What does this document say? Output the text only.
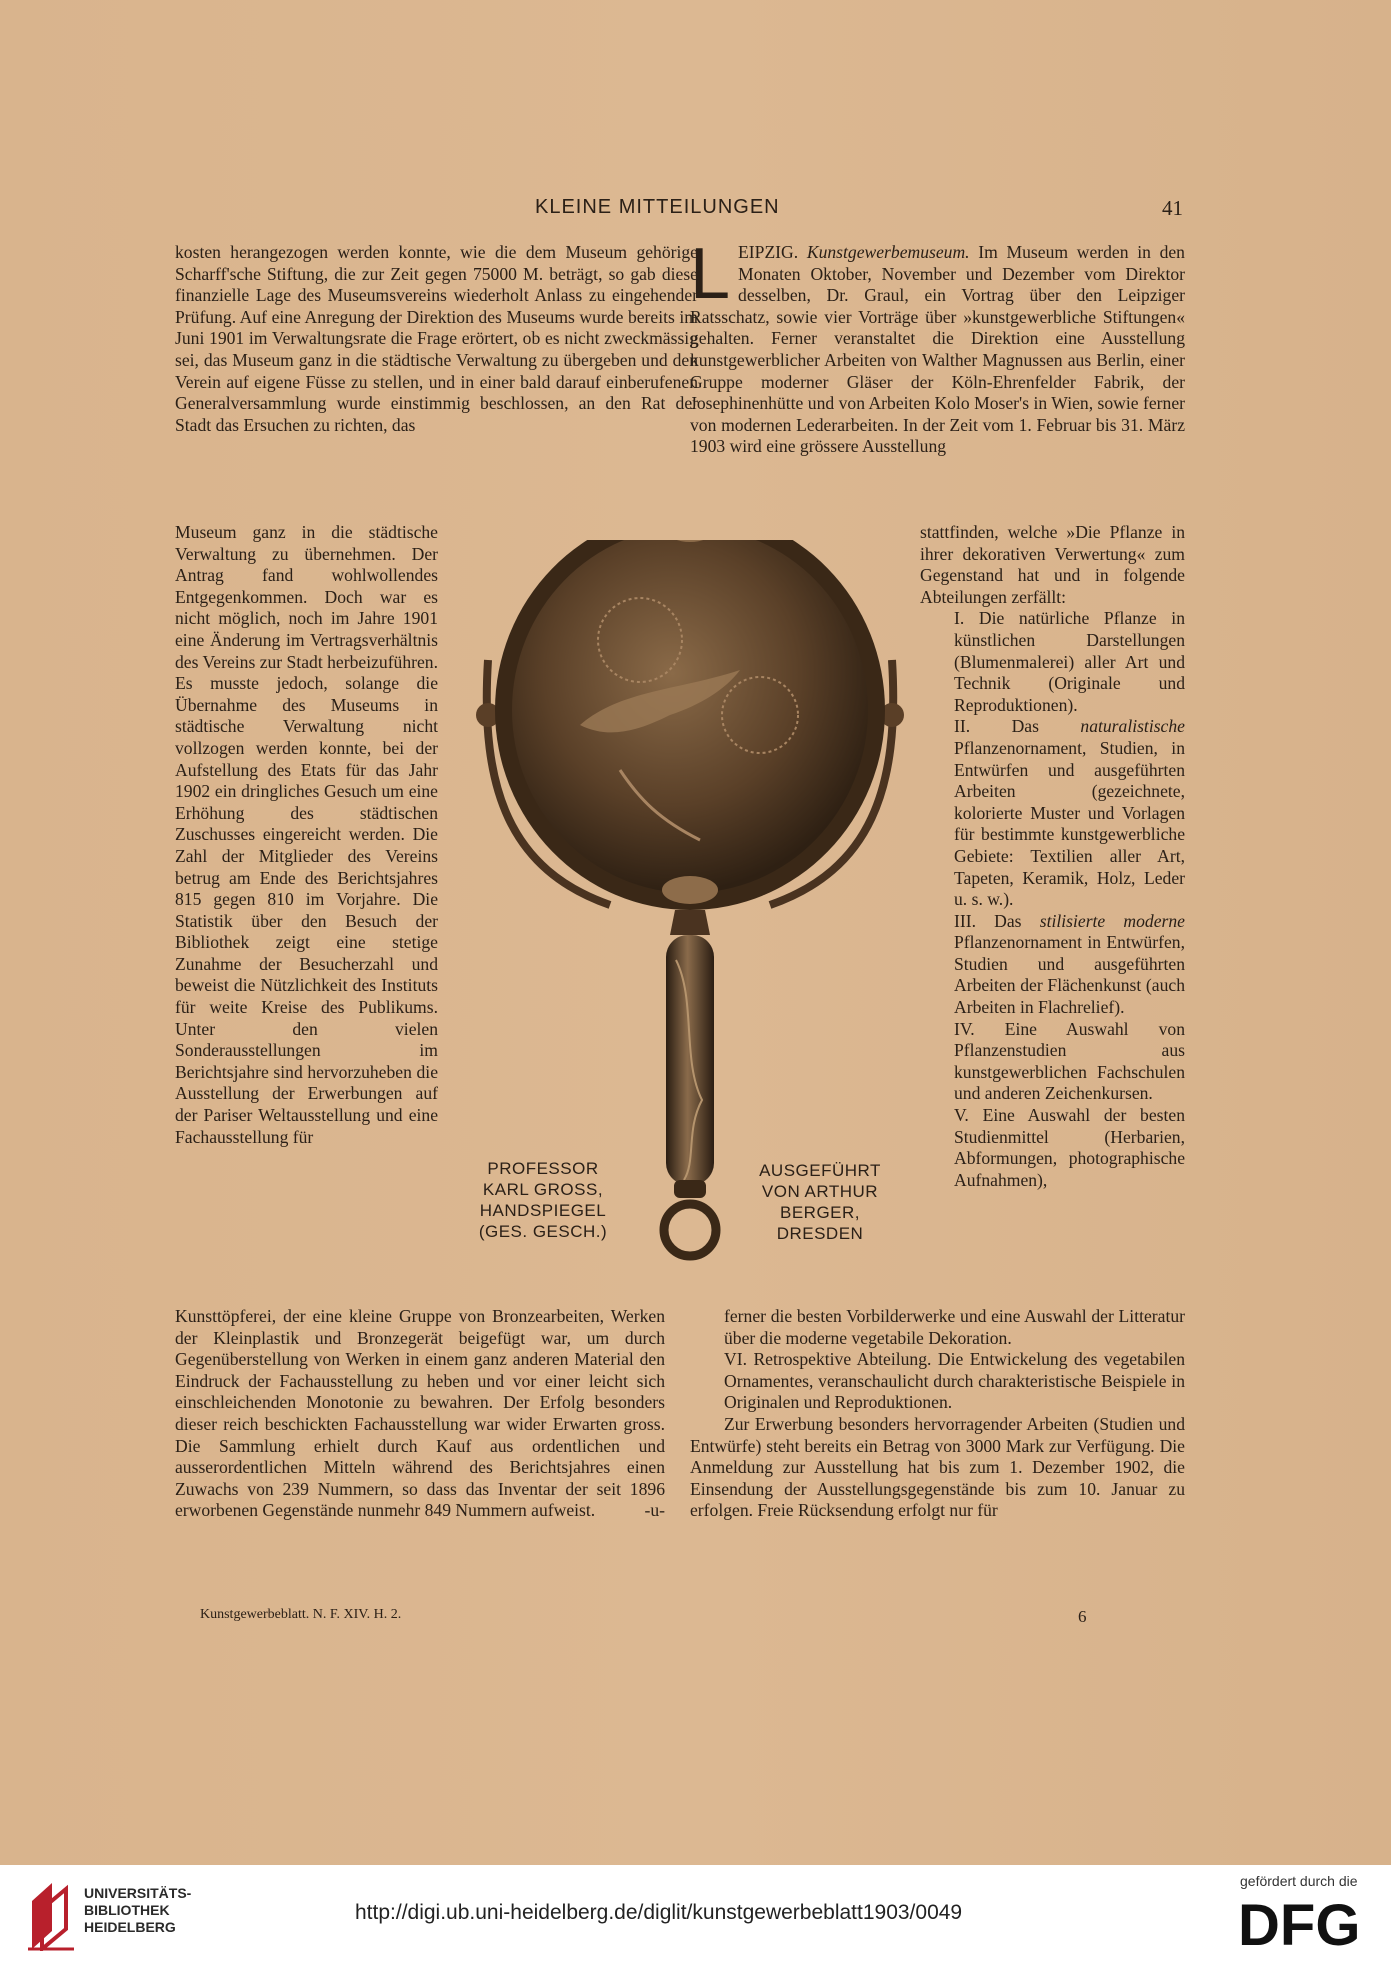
KLEINE MITTEILUNGEN	41

kosten herangezogen werden konnte, wie die dem Museum gehörige Scharff'sche Stiftung, die zur Zeit gegen 75000 M. beträgt, so gab diese finanzielle Lage des Museumsvereins wiederholt Anlass zu eingehender Prüfung. Auf eine Anregung der Direktion des Museums wurde bereits im Juni 1901 im Verwaltungsrate die Frage erörtert, ob es nicht zweckmässig sei, das Museum ganz in die städtische Verwaltung zu übergeben und den Verein auf eigene Füsse zu stellen, und in einer bald darauf einberufenen Generalversammlung wurde einstimmig beschlossen, an den Rat der Stadt das Ersuchen zu richten, das

Museum ganz in die städtische Verwaltung zu übernehmen. Der Antrag fand wohlwollendes Entgegenkommen. Doch war es nicht möglich, noch im Jahre 1901 eine Änderung im Vertragsverhältnis des Vereins zur Stadt herbeizuführen. Es musste jedoch, solange die Übernahme des Museums in städtische Verwaltung nicht vollzogen werden konnte, bei der Aufstellung des Etats für das Jahr 1902 ein dringliches Gesuch um eine Erhöhung des städtischen Zuschusses eingereicht werden. Die Zahl der Mitglieder des Vereins betrug am Ende des Berichtsjahres 815 gegen 810 im Vorjahre. Die Statistik über den Besuch der Bibliothek zeigt eine stetige Zunahme der Besucherzahl und beweist die Nützlichkeit des Instituts für weite Kreise des Publikums. Unter den vielen Sonderausstellungen im Berichtsjahre sind hervorzuheben die Ausstellung der Erwerbungen auf der Pariser Weltausstellung und eine Fachausstellung für

Kunsttöpferei, der eine kleine Gruppe von Bronzearbeiten, Werken der Kleinplastik und Bronzegerät beigefügt war, um durch Gegenüberstellung von Werken in einem ganz anderen Material den Eindruck der Fachausstellung zu heben und vor einer leicht sich einschleichenden Monotonie zu bewahren. Der Erfolg besonders dieser reich beschickten Fachausstellung war wider Erwarten gross. Die Sammlung erhielt durch Kauf aus ordentlichen und ausserordentlichen Mitteln während des Berichtsjahres einen Zuwachs von 239 Nummern, so dass das Inventar der seit 1896 erworbenen Gegenstände nunmehr 849 Nummern aufweist.	-u-

LEIPZIG. Kunstgewerbemuseum. Im Museum werden in den Monaten Oktober, November und Dezember vom Direktor desselben, Dr. Graul, ein Vortrag über den Leipziger Ratsschatz, sowie vier Vorträge über »kunstgewerbliche Stiftungen« gehalten. Ferner veranstaltet die Direktion eine Ausstellung kunstgewerblicher Arbeiten von Walther Magnussen aus Berlin, einer Gruppe moderner Gläser der Köln-Ehrenfelder Fabrik, der Josephinenhütte und von Arbeiten Kolo Moser's in Wien, sowie ferner von modernen Lederarbeiten. In der Zeit vom 1. Februar bis 31. März 1903 wird eine grössere Ausstellung

stattfinden, welche »Die Pflanze in ihrer dekorativen Verwertung« zum Gegenstand hat und in folgende Abteilungen zerfällt:

I. Die natürliche Pflanze in künstlichen Darstellungen (Blumenmalerei) aller Art und Technik (Originale und Reproduktionen).

II. Das naturalistische Pflanzenornament, Studien, in Entwürfen und ausgeführten Arbeiten (gezeichnete, kolorierte Muster und Vorlagen für bestimmte kunstgewerbliche Gebiete: Textilien aller Art, Tapeten, Keramik, Holz, Leder u. s. w.).

III. Das stilisierte moderne Pflanzenornament in Entwürfen, Studien und ausgeführten Arbeiten der Flächenkunst (auch Arbeiten in Flachrelief).

IV. Eine Auswahl von Pflanzenstudien aus kunstgewerblichen Fachschulen und anderen Zeichenkursen.

V. Eine Auswahl der besten Studienmittel (Herbarien, Abformungen, photographische Aufnahmen),

ferner die besten Vorbilderwerke und eine Auswahl der Litteratur über die moderne vegetabile Dekoration.

VI. Retrospektive Abteilung. Die Entwickelung des vegetabilen Ornamentes, veranschaulicht durch charakteristische Beispiele in Originalen und Reproduktionen.

Zur Erwerbung besonders hervorragender Arbeiten (Studien und Entwürfe) steht bereits ein Betrag von 3000 Mark zur Verfügung. Die Anmeldung zur Ausstellung hat bis zum 1. Dezember 1902, die Einsendung der Ausstellungsgegenstände bis zum 10. Januar zu erfolgen. Freie Rücksendung erfolgt nur für

PROFESSOR
KARL GROSS,
HANDSPIEGEL
(GES. GESCH.)
AUSGEFÜHRT
VON ARTHUR
BERGER,
DRESDEN
Kunstgewerbeblatt. N. F. XIV. H. 2.	6
UNIVERSITÄTS-
BIBLIOTHEK
HEIDELBERG
http://digi.ub.uni-heidelberg.de/diglit/kunstgewerbeblatt1903/0049
gefördert durch die
DFG
